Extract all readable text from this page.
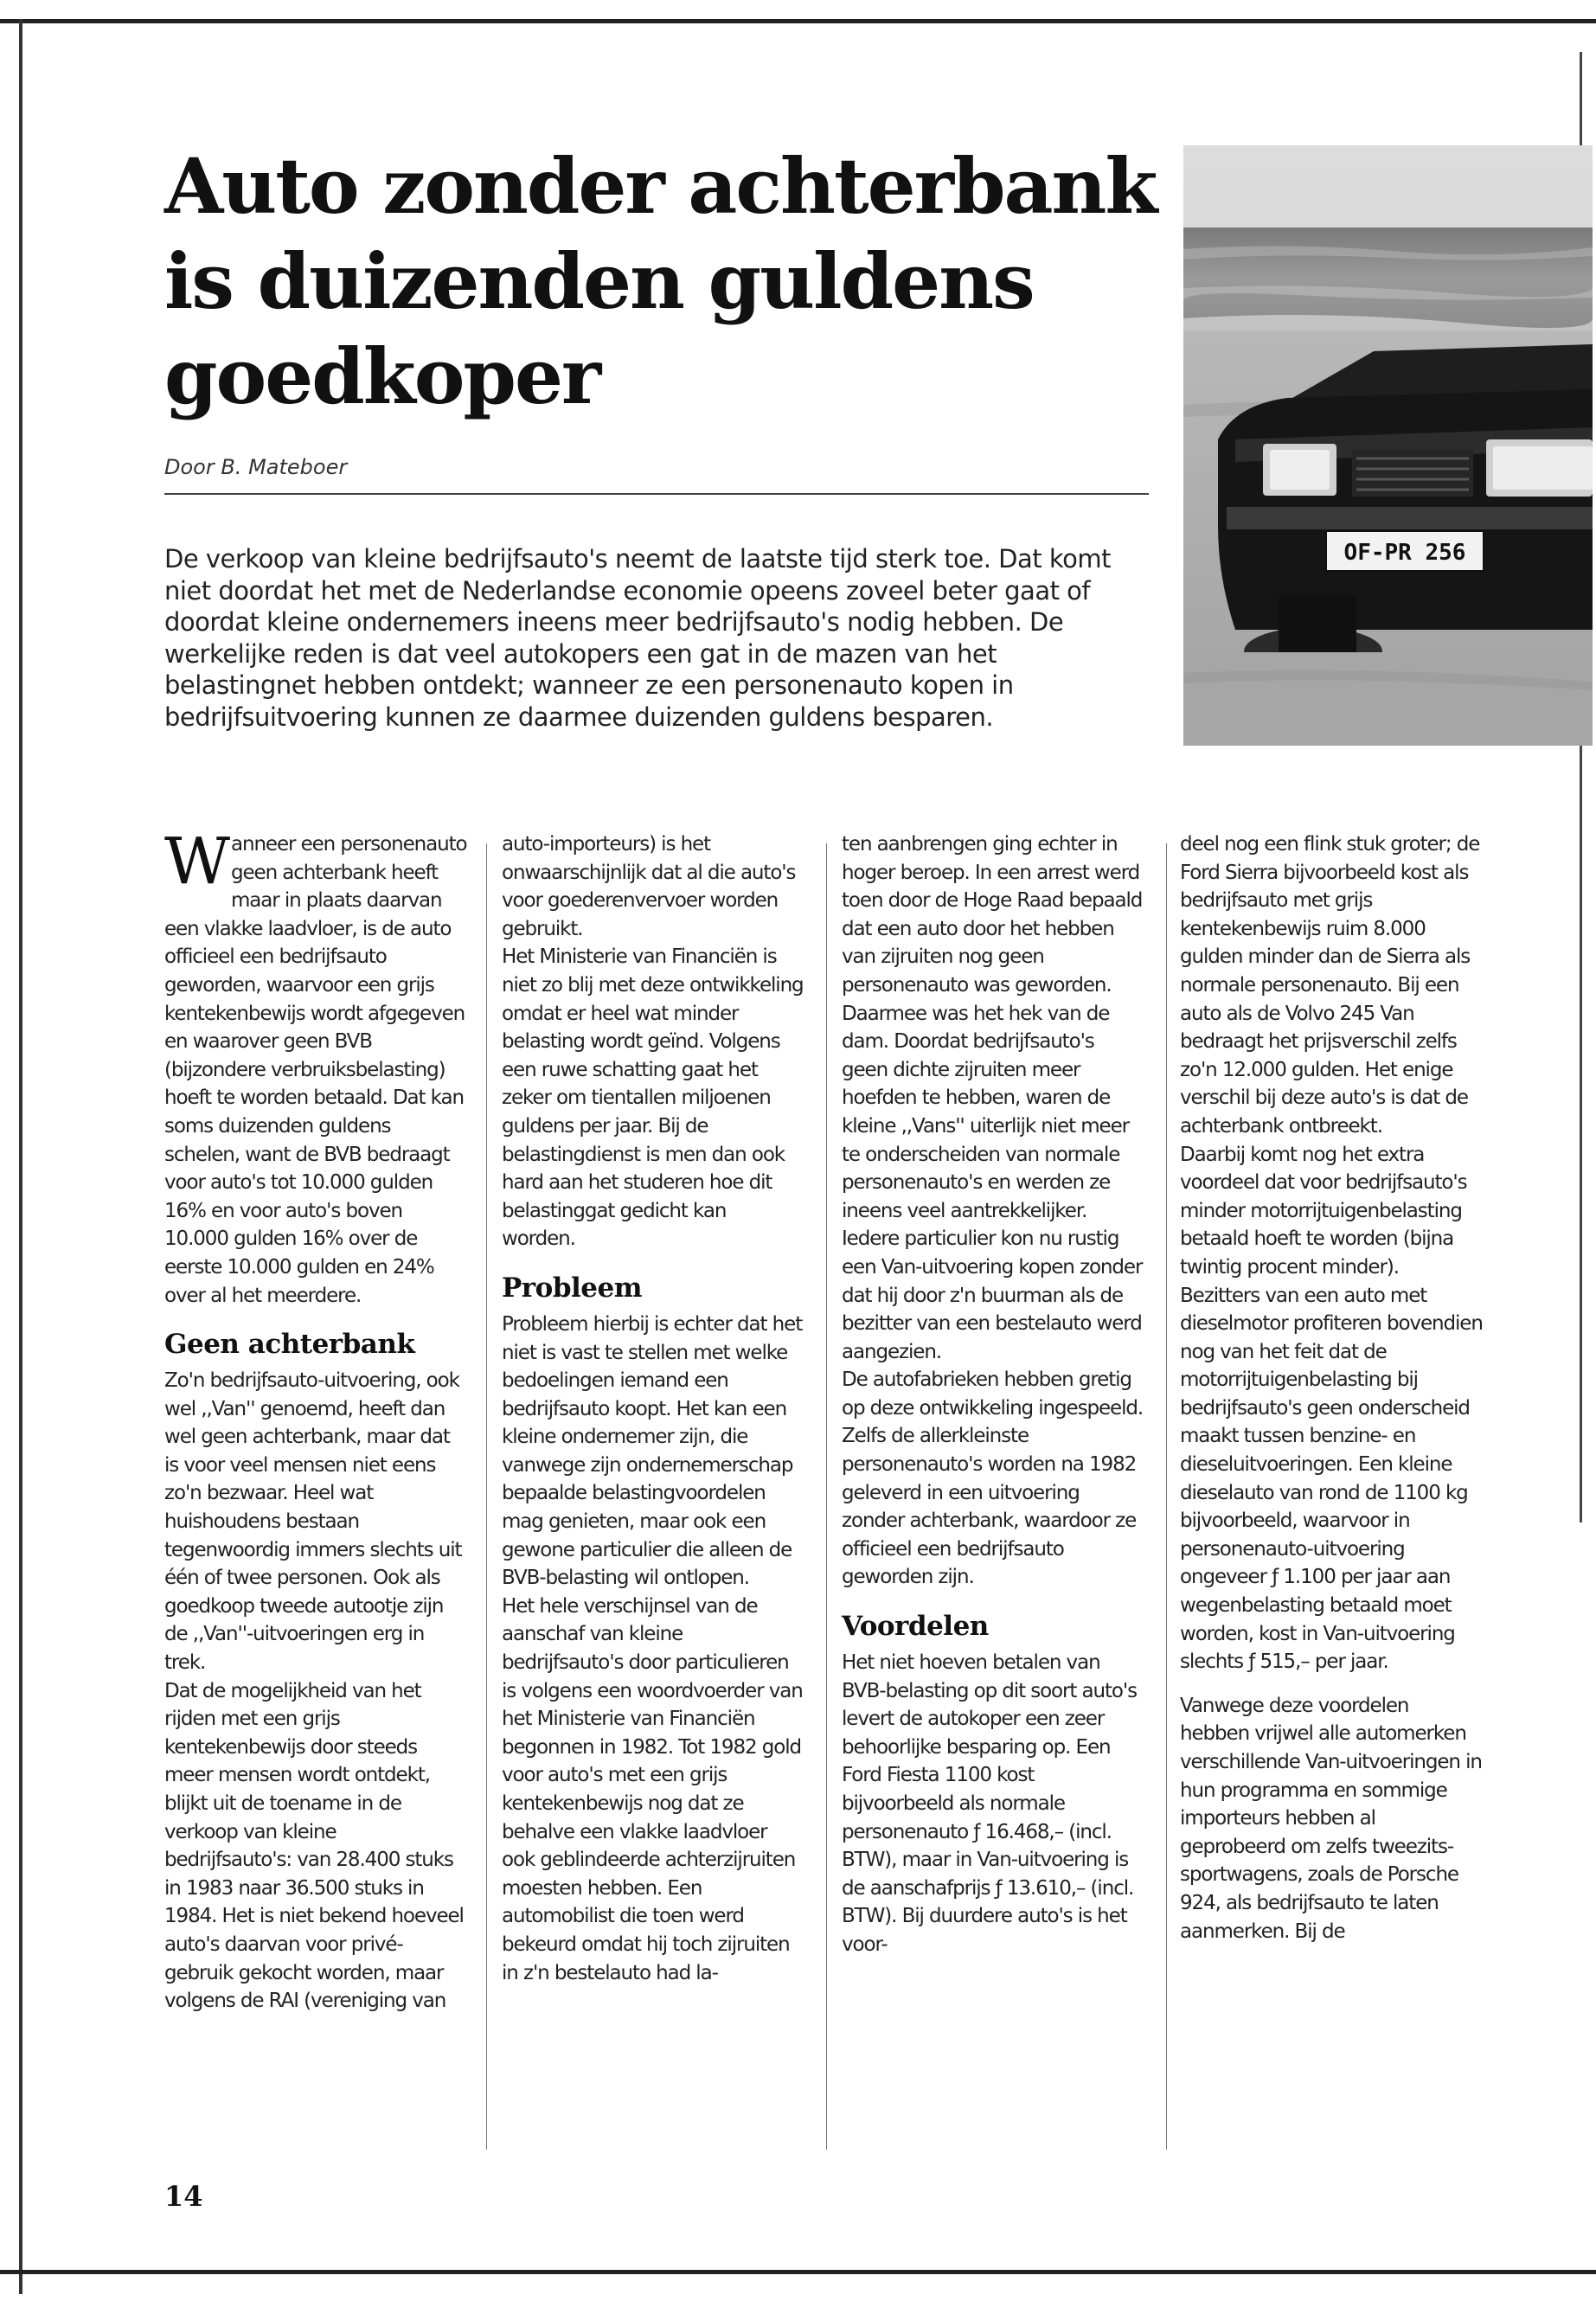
Auto zonder achterbank
is duizenden guldens
goedkoper
Door B. Mateboer

De verkoop van kleine bedrijfsauto's neemt de laatste tijd sterk toe. Dat komt niet doordat het met de Nederlandse economie opeens zoveel beter gaat of doordat kleine ondernemers ineens meer bedrijfsauto's nodig hebben. De werkelijke reden is dat veel autokopers een gat in de mazen van het belastingnet hebben ontdekt; wanneer ze een personenauto kopen in bedrijfsuitvoering kunnen ze daarmee duizenden guldens besparen.

OF-PR 256

Wanneer een personenauto geen achterbank heeft maar in plaats daarvan een vlakke laadvloer, is de auto officieel een bedrijfsauto geworden, waarvoor een grijs kentekenbewijs wordt afgegeven en waarover geen BVB (bijzondere verbruiksbelasting) hoeft te worden betaald. Dat kan soms duizenden guldens schelen, want de BVB bedraagt voor auto's tot 10.000 gulden 16% en voor auto's boven 10.000 gulden 16% over de eerste 10.000 gulden en 24% over al het meerdere.

Geen achterbank

Zo'n bedrijfsauto-uitvoering, ook wel ,,Van'' genoemd, heeft dan wel geen achterbank, maar dat is voor veel mensen niet eens zo'n bezwaar. Heel wat huishoudens bestaan tegenwoordig immers slechts uit één of twee personen. Ook als goedkoop tweede autootje zijn de ,,Van''-uitvoeringen erg in trek.

Dat de mogelijkheid van het rijden met een grijs kentekenbewijs door steeds meer mensen wordt ontdekt, blijkt uit de toename in de verkoop van kleine bedrijfsauto's: van 28.400 stuks in 1983 naar 36.500 stuks in 1984. Het is niet bekend hoeveel auto's daarvan voor privé-gebruik gekocht worden, maar volgens de RAI (vereniging van

auto-importeurs) is het onwaarschijnlijk dat al die auto's voor goederenvervoer worden gebruikt.

Het Ministerie van Financiën is niet zo blij met deze ontwikkeling omdat er heel wat minder belasting wordt geïnd. Volgens een ruwe schatting gaat het zeker om tientallen miljoenen guldens per jaar. Bij de belastingdienst is men dan ook hard aan het studeren hoe dit belastinggat gedicht kan worden.

Probleem

Probleem hierbij is echter dat het niet is vast te stellen met welke bedoelingen iemand een bedrijfsauto koopt. Het kan een kleine ondernemer zijn, die vanwege zijn ondernemerschap bepaalde belastingvoordelen mag genieten, maar ook een gewone particulier die alleen de BVB-belasting wil ontlopen.

Het hele verschijnsel van de aanschaf van kleine bedrijfsauto's door particulieren is volgens een woordvoerder van het Ministerie van Financiën begonnen in 1982. Tot 1982 gold voor auto's met een grijs kentekenbewijs nog dat ze behalve een vlakke laadvloer ook geblindeerde achterzijruiten moesten hebben. Een automobilist die toen werd bekeurd omdat hij toch zijruiten in z'n bestelauto had la-

ten aanbrengen ging echter in hoger beroep. In een arrest werd toen door de Hoge Raad bepaald dat een auto door het hebben van zijruiten nog geen personenauto was geworden. Daarmee was het hek van de dam. Doordat bedrijfsauto's geen dichte zijruiten meer hoefden te hebben, waren de kleine ,,Vans'' uiterlijk niet meer te onderscheiden van normale personenauto's en werden ze ineens veel aantrekkelijker. Iedere particulier kon nu rustig een Van-uitvoering kopen zonder dat hij door z'n buurman als de bezitter van een bestelauto werd aangezien.

De autofabrieken hebben gretig op deze ontwikkeling ingespeeld. Zelfs de allerkleinste personenauto's worden na 1982 geleverd in een uitvoering zonder achterbank, waardoor ze officieel een bedrijfsauto geworden zijn.

Voordelen

Het niet hoeven betalen van BVB-belasting op dit soort auto's levert de autokoper een zeer behoorlijke besparing op. Een Ford Fiesta 1100 kost bijvoorbeeld als normale personenauto ƒ 16.468,– (incl. BTW), maar in Van-uitvoering is de aanschafprijs ƒ 13.610,– (incl. BTW). Bij duurdere auto's is het voor-

deel nog een flink stuk groter; de Ford Sierra bijvoorbeeld kost als bedrijfsauto met grijs kentekenbewijs ruim 8.000 gulden minder dan de Sierra als normale personenauto. Bij een auto als de Volvo 245 Van bedraagt het prijsverschil zelfs zo'n 12.000 gulden. Het enige verschil bij deze auto's is dat de achterbank ontbreekt.

Daarbij komt nog het extra voordeel dat voor bedrijfsauto's minder motorrijtuigenbelasting betaald hoeft te worden (bijna twintig procent minder). Bezitters van een auto met dieselmotor profiteren bovendien nog van het feit dat de motorrijtuigenbelasting bij bedrijfsauto's geen onderscheid maakt tussen benzine- en dieseluitvoeringen. Een kleine dieselauto van rond de 1100 kg bijvoorbeeld, waarvoor in personenauto-uitvoering ongeveer ƒ 1.100 per jaar aan wegenbelasting betaald moet worden, kost in Van-uitvoering slechts ƒ 515,– per jaar.

Vanwege deze voordelen hebben vrijwel alle automerken verschillende Van-uitvoeringen in hun programma en sommige importeurs hebben al geprobeerd om zelfs tweezits-sportwagens, zoals de Porsche 924, als bedrijfsauto te laten aanmerken. Bij de

14
